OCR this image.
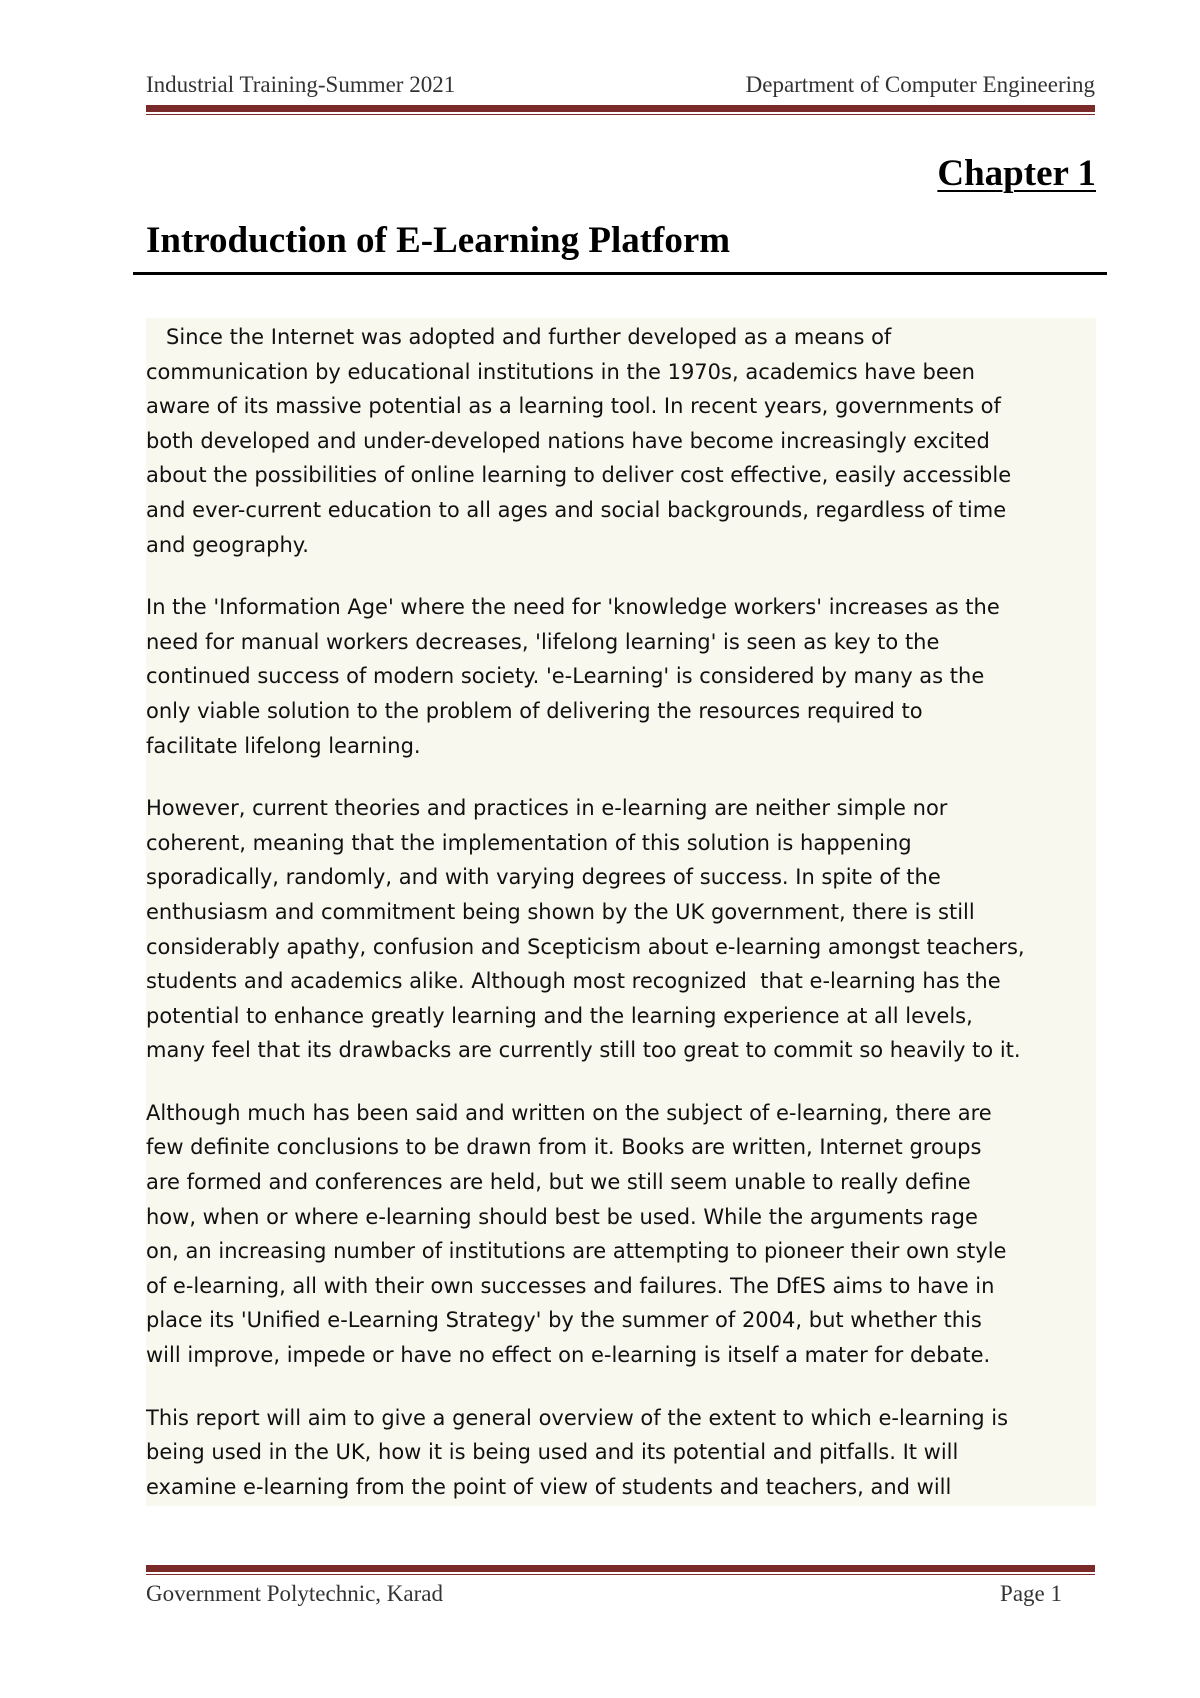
Industrial Training-Summer 2021	Department of Computer Engineering
Chapter 1
Introduction of E-Learning Platform

Since the Internet was adopted and further developed as a means of
communication by educational institutions in the 1970s, academics have been
aware of its massive potential as a learning tool. In recent years, governments of
both developed and under-developed nations have become increasingly excited
about the possibilities of online learning to deliver cost effective, easily accessible
and ever-current education to all ages and social backgrounds, regardless of time
and geography.

In the 'Information Age' where the need for 'knowledge workers' increases as the
need for manual workers decreases, 'lifelong learning' is seen as key to the
continued success of modern society. 'e-Learning' is considered by many as the
only viable solution to the problem of delivering the resources required to
facilitate lifelong learning.

However, current theories and practices in e-learning are neither simple nor
coherent, meaning that the implementation of this solution is happening
sporadically, randomly, and with varying degrees of success. In spite of the
enthusiasm and commitment being shown by the UK government, there is still
considerably apathy, confusion and Scepticism about e-learning amongst teachers,
students and academics alike. Although most recognized  that e-learning has the
potential to enhance greatly learning and the learning experience at all levels,
many feel that its drawbacks are currently still too great to commit so heavily to it.

Although much has been said and written on the subject of e-learning, there are
few definite conclusions to be drawn from it. Books are written, Internet groups
are formed and conferences are held, but we still seem unable to really define
how, when or where e-learning should best be used. While the arguments rage
on, an increasing number of institutions are attempting to pioneer their own style
of e-learning, all with their own successes and failures. The DfES aims to have in
place its 'Unified e-Learning Strategy' by the summer of 2004, but whether this
will improve, impede or have no effect on e-learning is itself a mater for debate.

This report will aim to give a general overview of the extent to which e-learning is
being used in the UK, how it is being used and its potential and pitfalls. It will
examine e-learning from the point of view of students and teachers, and will

Government Polytechnic, Karad	Page 1
